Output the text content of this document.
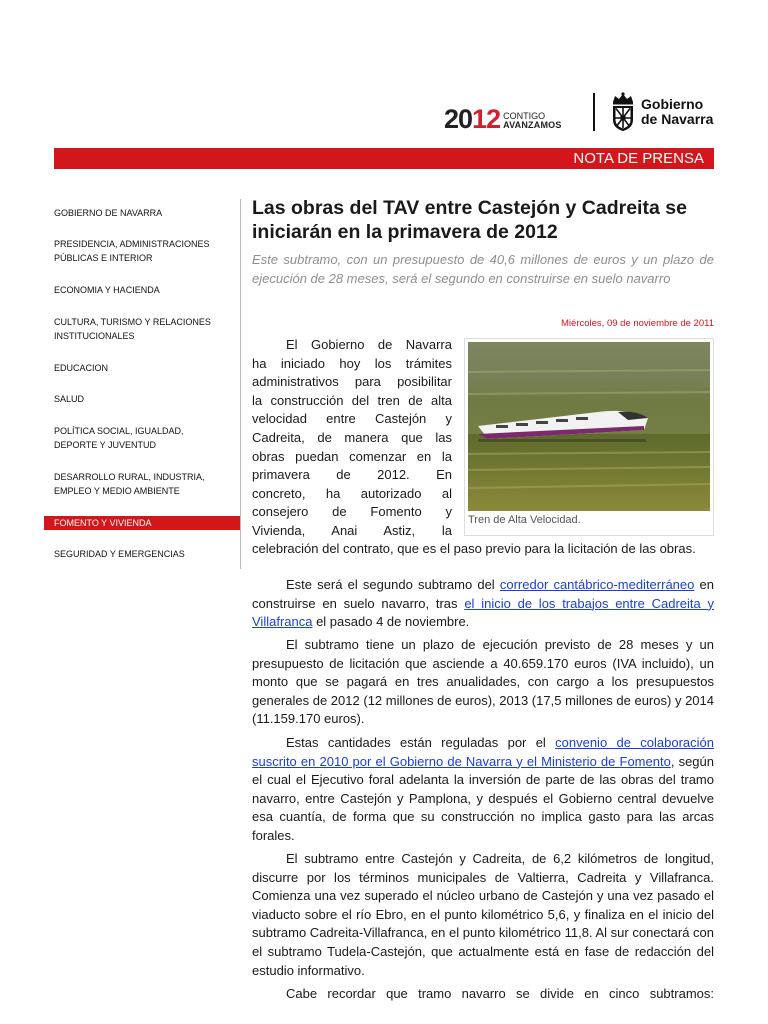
2012 CONTIGO
AVANZAMOS
Gobierno
de Navarra
NOTA DE PRENSA
GOBIERNO DE NAVARRA
PRESIDENCIA, ADMINISTRACIONES PÚBLICAS E INTERIOR
ECONOMIA Y HACIENDA
CULTURA, TURISMO Y RELACIONES INSTITUCIONALES
EDUCACION
SALUD
POLÍTICA SOCIAL, IGUALDAD, DEPORTE Y JUVENTUD
DESARROLLO RURAL, INDUSTRIA, EMPLEO Y MEDIO AMBIENTE
FOMENTO Y VIVIENDA
SEGURIDAD Y EMERGENCIAS
Las obras del TAV entre Castejón y Cadreita se iniciarán en la primavera de 2012

Este subtramo, con un presupuesto de 40,6 millones de euros y un plazo de ejecución de 28 meses, será el segundo en construirse en suelo navarro

Miércoles, 09 de noviembre de 2011
Tren de Alta Velocidad.
El Gobierno de Navarra
ha iniciado hoy los trámites
administrativos para posibilitar
la construcción del tren de alta
velocidad entre Castejón y
Cadreita, de manera que las
obras puedan comenzar en la
primavera de 2012. En
concreto, ha autorizado al
consejero de Fomento y
Vivienda, Anai Astiz, la

celebración del contrato, que es el paso previo para la licitación de las obras.

Este será el segundo subtramo del corredor cantábrico-mediterráneo en construirse en suelo navarro, tras el inicio de los trabajos entre Cadreita y Villafranca el pasado 4 de noviembre.

El subtramo tiene un plazo de ejecución previsto de 28 meses y un presupuesto de licitación que asciende a 40.659.170 euros (IVA incluido), un monto que se pagará en tres anualidades, con cargo a los presupuestos generales de 2012 (12 millones de euros), 2013 (17,5 millones de euros) y 2014 (11.159.170 euros).

Estas cantidades están reguladas por el convenio de colaboración suscrito en 2010 por el Gobierno de Navarra y el Ministerio de Fomento, según el cual el Ejecutivo foral adelanta la inversión de parte de las obras del tramo navarro, entre Castejón y Pamplona, y después el Gobierno central devuelve esa cuantía, de forma que su construcción no implica gasto para las arcas forales.

El subtramo entre Castejón y Cadreita, de 6,2 kilómetros de longitud, discurre por los términos municipales de Valtierra, Cadreita y Villafranca. Comienza una vez superado el núcleo urbano de Castejón y una vez pasado el viaducto sobre el río Ebro, en el punto kilométrico 5,6, y finaliza en el inicio del subtramo Cadreita-Villafranca, en el punto kilométrico 11,8. Al sur conectará con el subtramo Tudela-Castejón, que actualmente está en fase de redacción del estudio informativo.

Cabe recordar que tramo navarro se divide en cinco subtramos:
